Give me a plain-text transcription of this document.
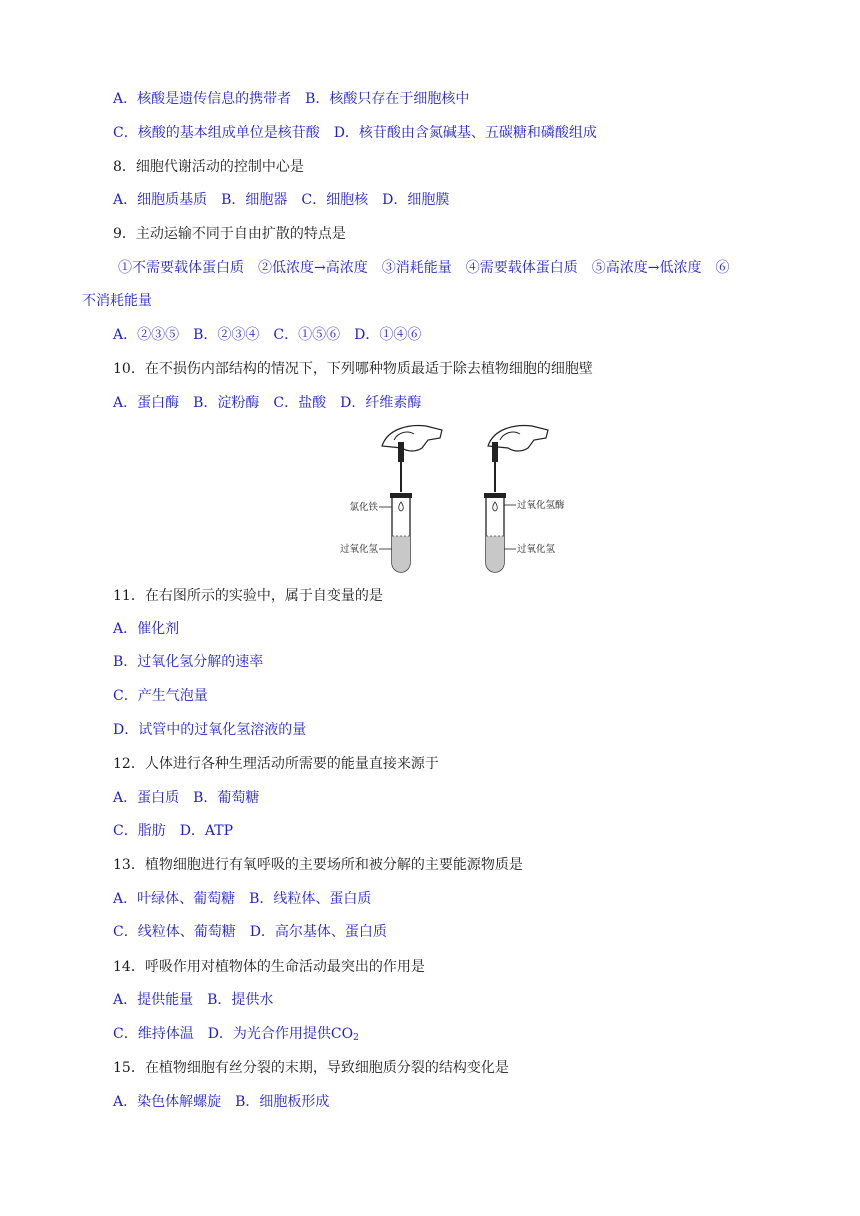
A．核酸是遗传信息的携带者　B．核酸只存在于细胞核中
C．核酸的基本组成单位是核苷酸　D．核苷酸由含氮碱基、五碳糖和磷酸组成
8．细胞代谢活动的控制中心是
A．细胞质基质　B．细胞器　C．细胞核　D．细胞膜
9．主动运输不同于自由扩散的特点是
①不需要载体蛋白质　②低浓度→高浓度　③消耗能量　④需要载体蛋白质　⑤高浓度→低浓度　⑥
不消耗能量
A．②③⑤　B．②③④　C．①⑤⑥　D．①④⑥
10．在不损伤内部结构的情况下，下列哪种物质最适于除去植物细胞的细胞壁
A．蛋白酶　B．淀粉酶　C．盐酸　D．纤维素酶
氯化铁
过氧化氢
过氧化氢酶
过氧化氢
11．在右图所示的实验中，属于自变量的是
A．催化剂
B．过氧化氢分解的速率
C．产生气泡量
D．试管中的过氧化氢溶液的量
12．人体进行各种生理活动所需要的能量直接来源于
A．蛋白质　B．葡萄糖
C．脂肪　D．ATP
13．植物细胞进行有氧呼吸的主要场所和被分解的主要能源物质是
A．叶绿体、葡萄糖　B．线粒体、蛋白质
C．线粒体、葡萄糖　D．高尔基体、蛋白质
14．呼吸作用对植物体的生命活动最突出的作用是
A．提供能量　B．提供水
C．维持体温　D．为光合作用提供$CO_2$
15．在植物细胞有丝分裂的末期，导致细胞质分裂的结构变化是
A．染色体解螺旋　B．细胞板形成
